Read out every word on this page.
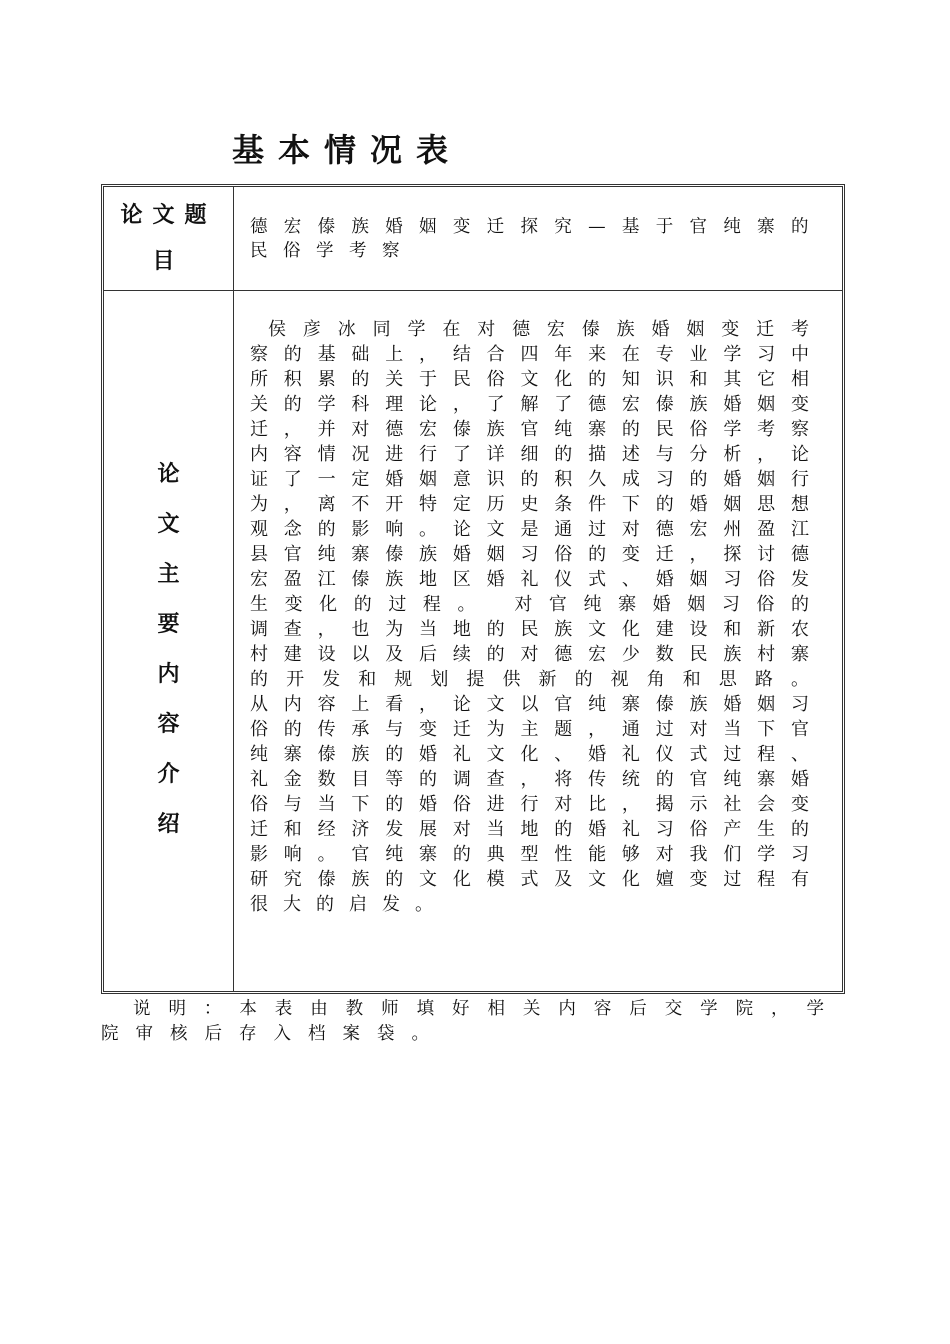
基本情况表
论文题目
德宏傣族婚姻变迁探究—基于官纯寨的民俗学考察
论文主要内容介绍

侯彦冰同学在对德宏傣族婚姻变迁考察的基础上，结合四年来在专业学习中所积累的关于民俗文化的知识和其它相关的学科理论，了解了德宏傣族婚姻变迁，并对德宏傣族官纯寨的民俗学考察内容情况进行了详细的描述与分析，论证了一定婚姻意识的积久成习的婚姻行为，离不开特定历史条件下的婚姻思想观念的影响。论文是通过对德宏州盈江县官纯寨傣族婚姻习俗的变迁，探讨德宏盈江傣族地区婚礼仪式、婚姻习俗发生变化的过程。 对官纯寨婚姻习俗的调查，也为当地的民族文化建设和新农村建设以及后续的对德宏少数民族村寨的开发和规划提供新的视角和思路。 从内容上看，论文以官纯寨傣族婚姻习俗的传承与变迁为主题，通过对当下官纯寨傣族的婚礼文化、婚礼仪式过程、礼金数目等的调查，将传统的官纯寨婚俗与当下的婚俗进行对比，揭示社会变迁和经济发展对当地的婚礼习俗产生的影响。官纯寨的典型性能够对我们学习研究傣族的文化模式及文化嬗变过程有很大的启发。

说明：本表由教师填好相关内容后交学院，学院审核后存入档案袋。
